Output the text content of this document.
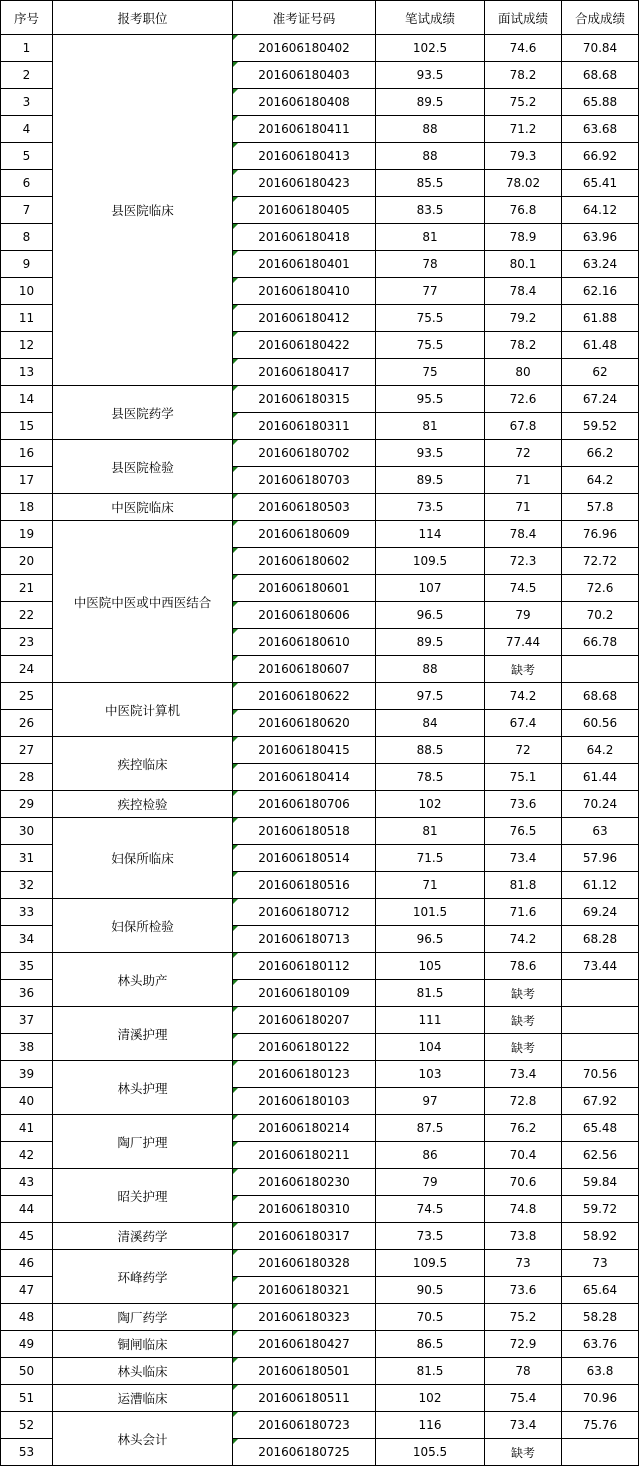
序号	报考职位	准考证号码	笔试成绩	面试成绩	合成成绩
1	县医院临床	201606180402	102.5	74.6	70.84
2		201606180403	93.5	78.2	68.68
3		201606180408	89.5	75.2	65.88
4		201606180411	88	71.2	63.68
5		201606180413	88	79.3	66.92
6		201606180423	85.5	78.02	65.41
7		201606180405	83.5	76.8	64.12
8		201606180418	81	78.9	63.96
9		201606180401	78	80.1	63.24
10		201606180410	77	78.4	62.16
11		201606180412	75.5	79.2	61.88
12		201606180422	75.5	78.2	61.48
13		201606180417	75	80	62
14	县医院药学	201606180315	95.5	72.6	67.24
15		201606180311	81	67.8	59.52
16	县医院检验	201606180702	93.5	72	66.2
17		201606180703	89.5	71	64.2
18	中医院临床	201606180503	73.5	71	57.8
19	中医院中医或中西医结合	201606180609	114	78.4	76.96
20		201606180602	109.5	72.3	72.72
21		201606180601	107	74.5	72.6
22		201606180606	96.5	79	70.2
23		201606180610	89.5	77.44	66.78
24		201606180607	88	缺考	
25	中医院计算机	201606180622	97.5	74.2	68.68
26		201606180620	84	67.4	60.56
27	疾控临床	201606180415	88.5	72	64.2
28		201606180414	78.5	75.1	61.44
29	疾控检验	201606180706	102	73.6	70.24
30	妇保所临床	201606180518	81	76.5	63
31		201606180514	71.5	73.4	57.96
32		201606180516	71	81.8	61.12
33	妇保所检验	201606180712	101.5	71.6	69.24
34		201606180713	96.5	74.2	68.28
35	林头助产	201606180112	105	78.6	73.44
36		201606180109	81.5	缺考	
37	清溪护理	201606180207	111	缺考	
38		201606180122	104	缺考	
39	林头护理	201606180123	103	73.4	70.56
40		201606180103	97	72.8	67.92
41	陶厂护理	201606180214	87.5	76.2	65.48
42		201606180211	86	70.4	62.56
43	昭关护理	201606180230	79	70.6	59.84
44		201606180310	74.5	74.8	59.72
45	清溪药学	201606180317	73.5	73.8	58.92
46	环峰药学	201606180328	109.5	73	73
47		201606180321	90.5	73.6	65.64
48	陶厂药学	201606180323	70.5	75.2	58.28
49	铜闸临床	201606180427	86.5	72.9	63.76
50	林头临床	201606180501	81.5	78	63.8
51	运漕临床	201606180511	102	75.4	70.96
52	林头会计	201606180723	116	73.4	75.76
53		201606180725	105.5	缺考	
